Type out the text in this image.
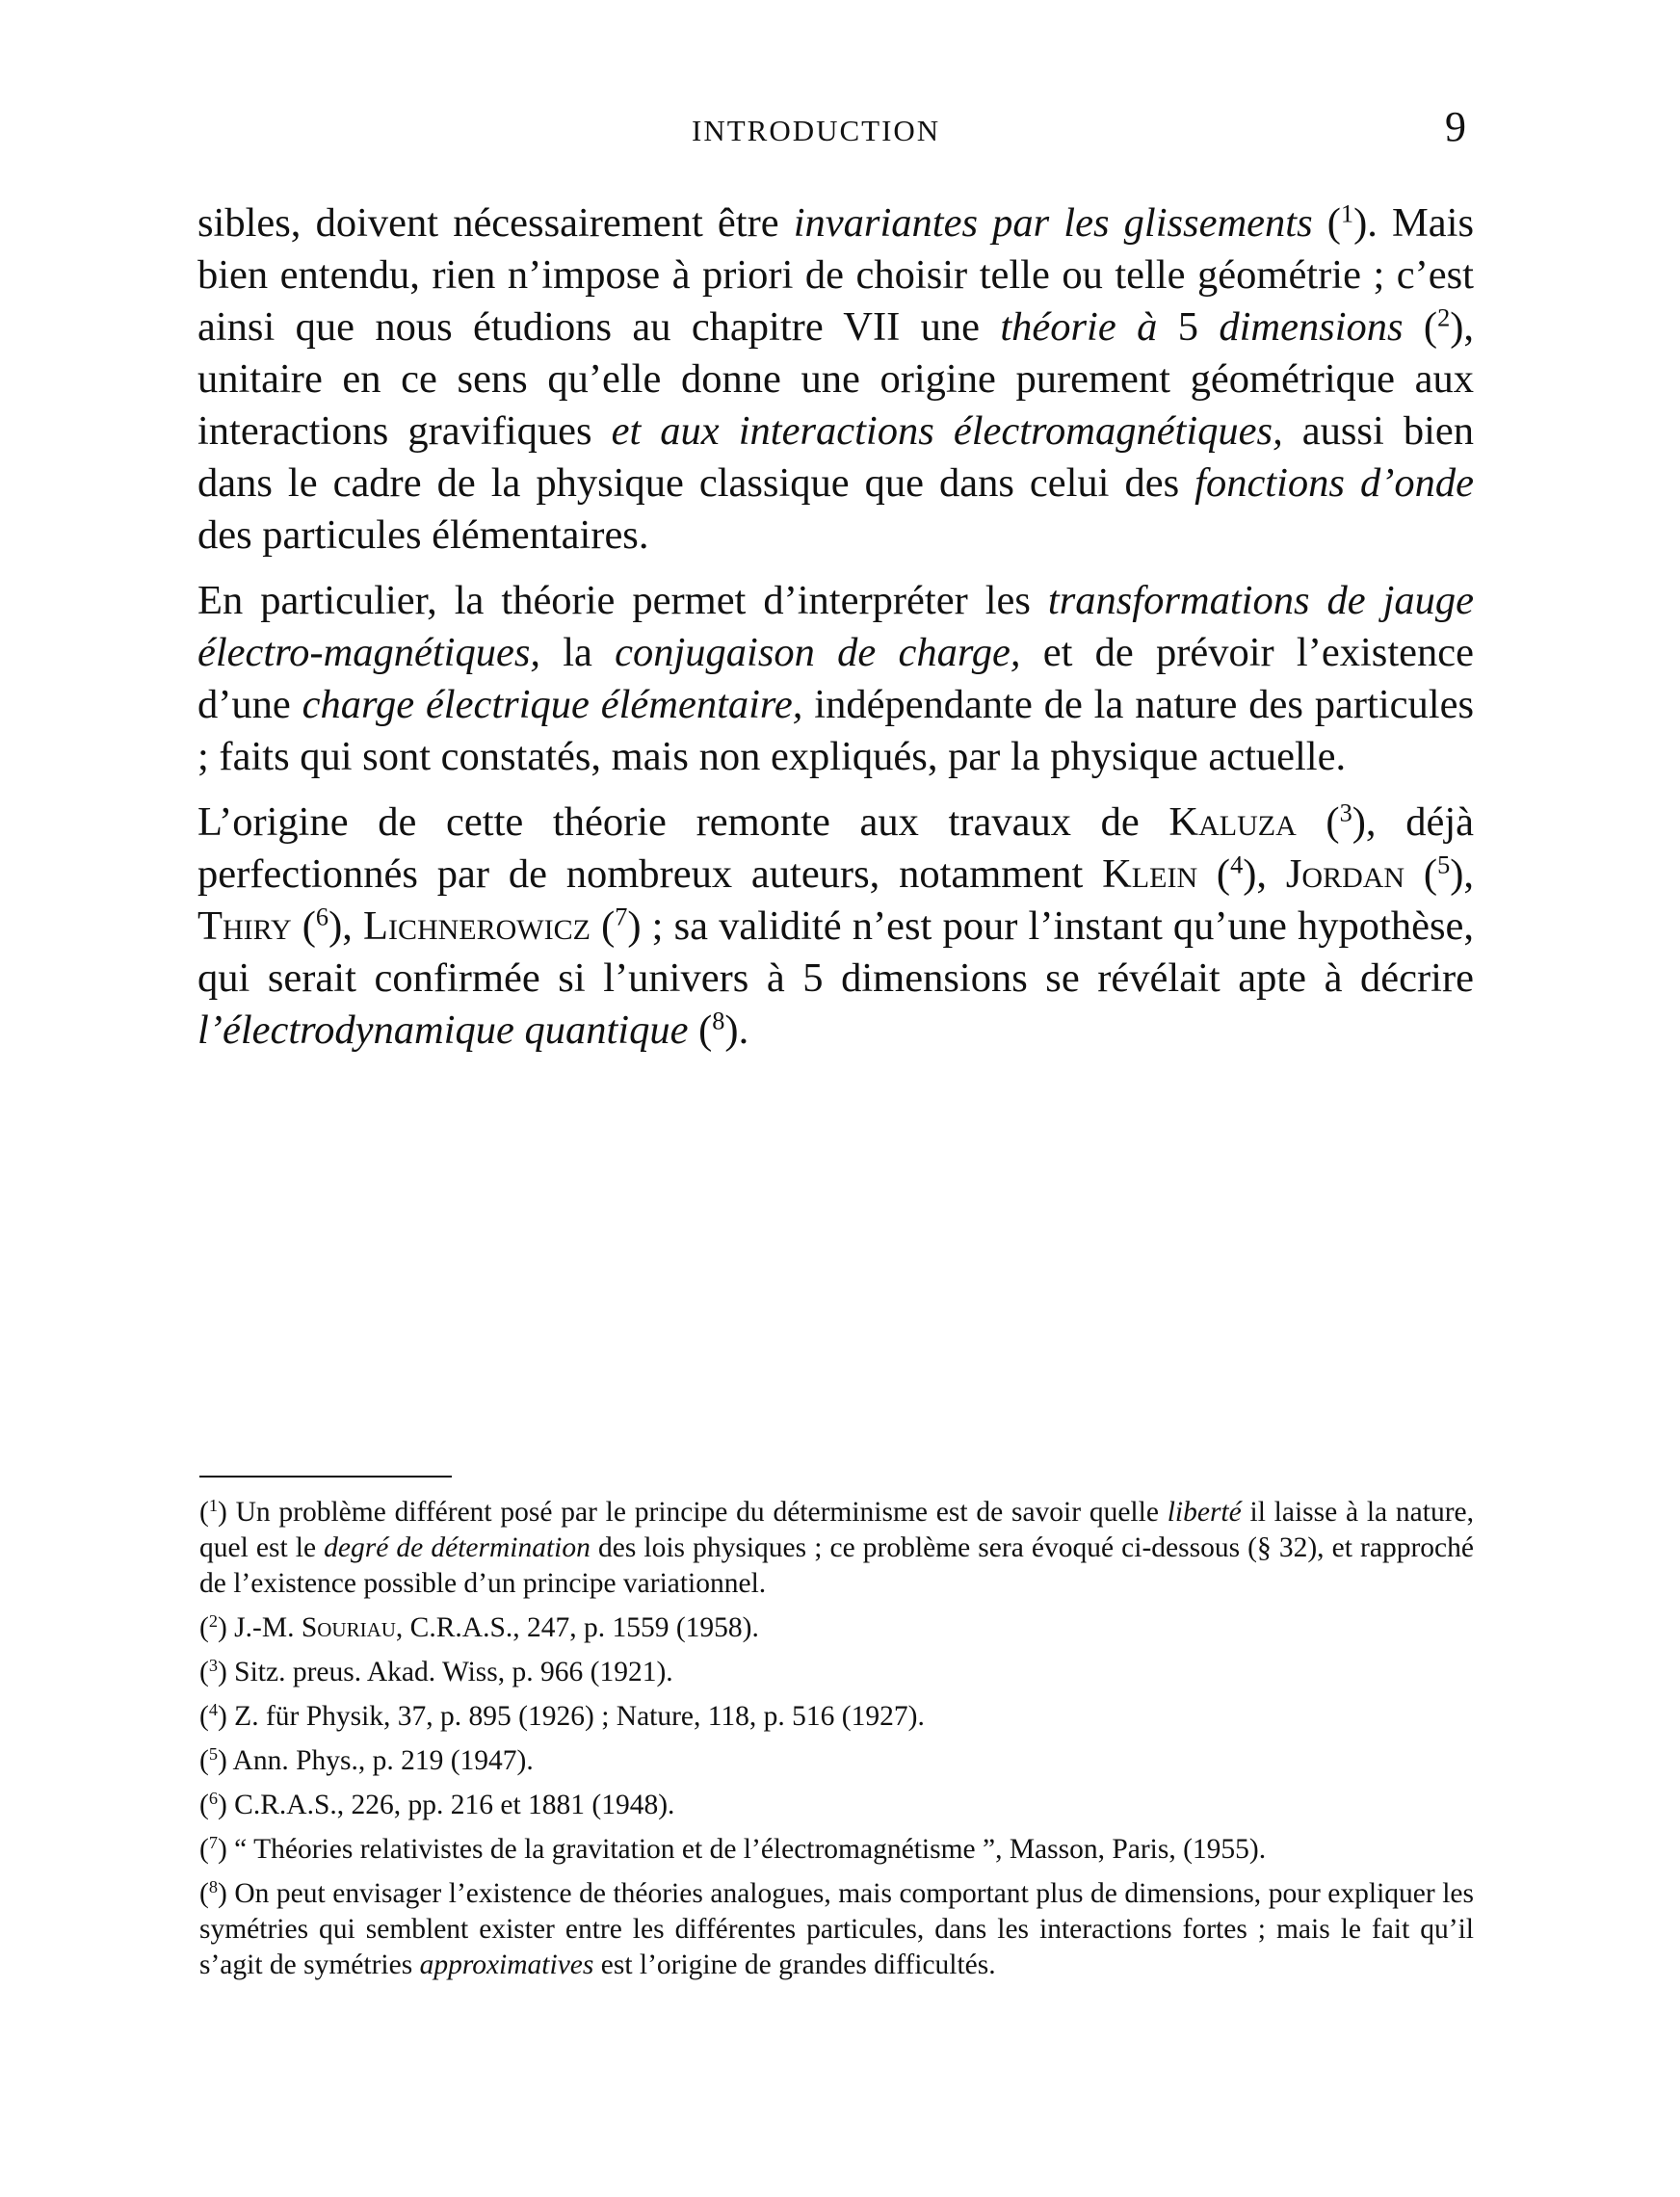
INTRODUCTION	9

sibles, doivent nécessairement être invariantes par les glissements ($^1$). Mais bien entendu, rien n’impose à priori de choisir telle ou telle géométrie ; c’est ainsi que nous étudions au chapitre VII une théorie à 5 dimensions ($^2$), unitaire en ce sens qu’elle donne une origine purement géométrique aux interactions gravifiques et aux interactions électromagnétiques, aussi bien dans le cadre de la physique classique que dans celui des fonctions d’onde des particules élémentaires.

En particulier, la théorie permet d’interpréter les transformations de jauge électro-magnétiques, la conjugaison de charge, et de prévoir l’existence d’une charge électrique élémentaire, indépendante de la nature des particules ; faits qui sont constatés, mais non expliqués, par la physique actuelle.

L’origine de cette théorie remonte aux travaux de Kaluza ($^3$), déjà perfectionnés par de nombreux auteurs, notamment Klein ($^4$), Jordan ($^5$), Thiry ($^6$), Lichnerowicz ($^7$) ; sa validité n’est pour l’instant qu’une hypothèse, qui serait confirmée si l’univers à 5 dimensions se révélait apte à décrire l’électrodynamique quantique ($^8$).

($^1$) Un problème différent posé par le principe du déterminisme est de savoir quelle liberté il laisse à la nature, quel est le degré de détermination des lois physiques ; ce problème sera évoqué ci-dessous (§ 32), et rapproché de l’existence possible d’un principe variationnel.

($^2$) J.-M. Souriau, C.R.A.S., 247, p. 1559 (1958).

($^3$) Sitz. preus. Akad. Wiss, p. 966 (1921).

($^4$) Z. für Physik, 37, p. 895 (1926) ; Nature, 118, p. 516 (1927).

($^5$) Ann. Phys., p. 219 (1947).

($^6$) C.R.A.S., 226, pp. 216 et 1881 (1948).

($^7$) “ Théories relativistes de la gravitation et de l’électromagnétisme ”, Masson, Paris, (1955).

($^8$) On peut envisager l’existence de théories analogues, mais comportant plus de dimensions, pour expliquer les symétries qui semblent exister entre les différentes particules, dans les interactions fortes ; mais le fait qu’il s’agit de symétries approximatives est l’origine de grandes difficultés.
